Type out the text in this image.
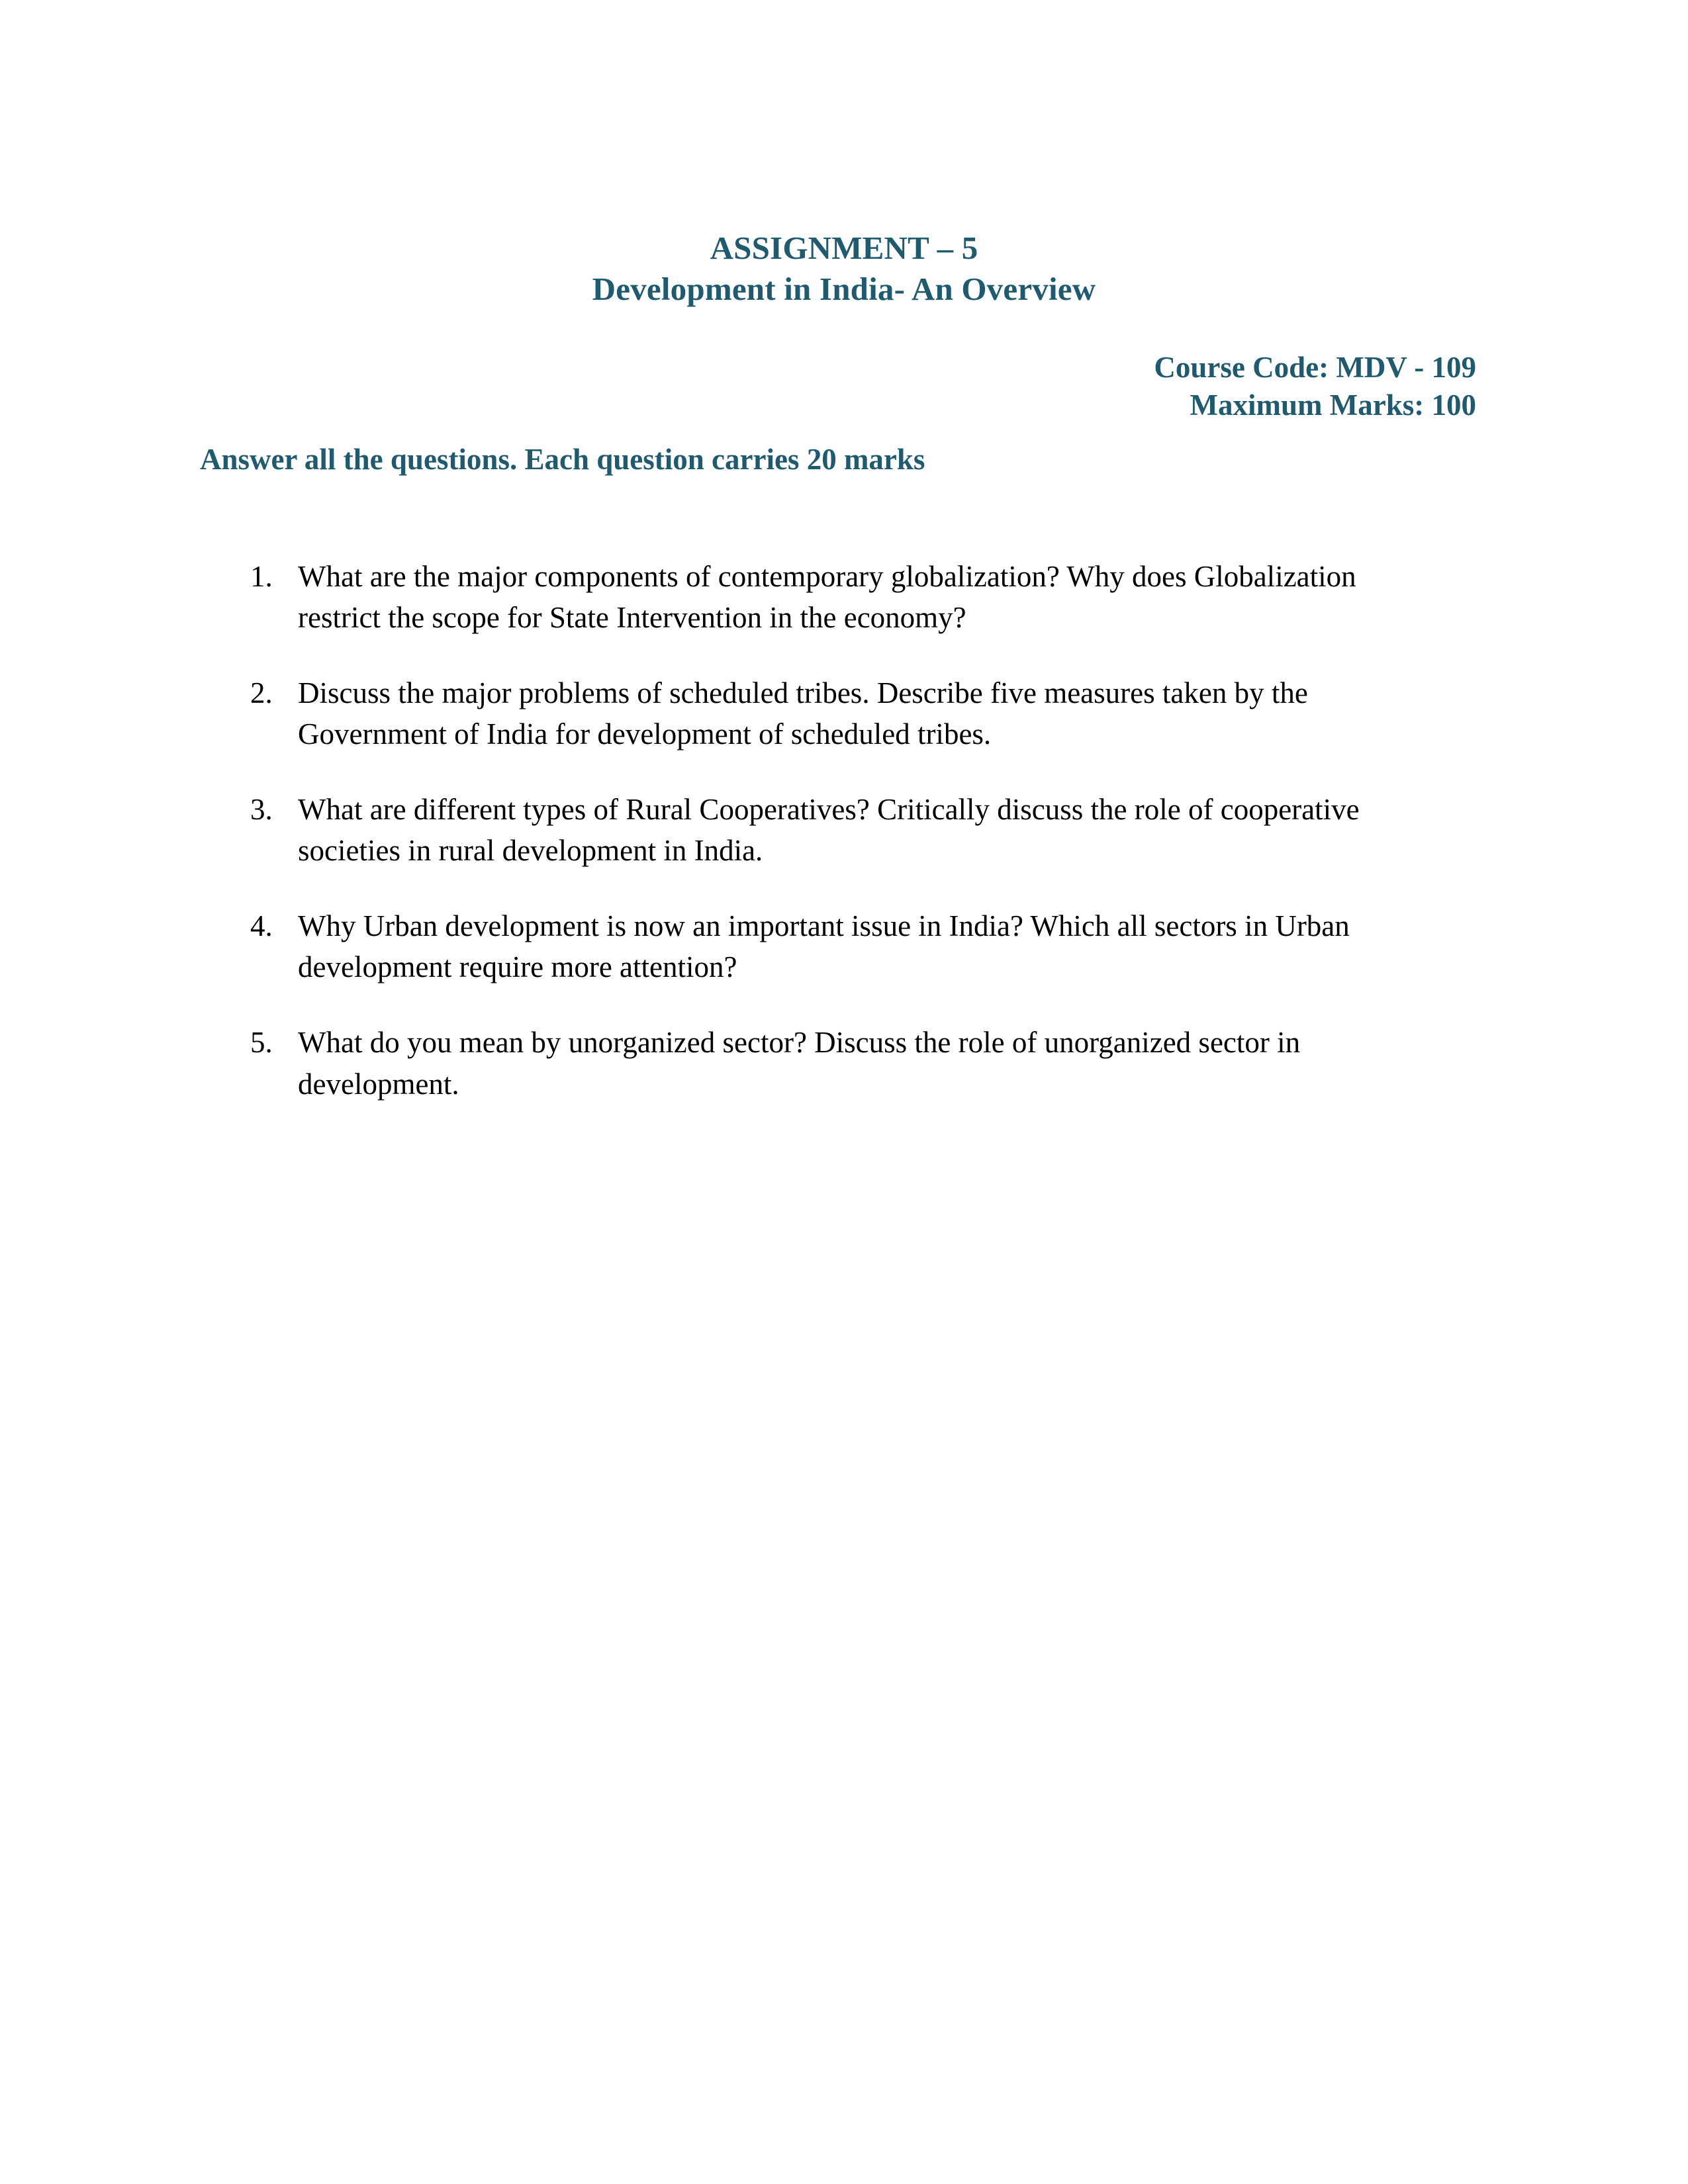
ASSIGNMENT – 5
Development in India- An Overview
Course Code: MDV - 109
Maximum Marks: 100
Answer all the questions. Each question carries 20 marks
1. What are the major components of contemporary globalization? Why does Globalization restrict the scope for State Intervention in the economy?
2. Discuss the major problems of scheduled tribes. Describe five measures taken by the Government of India for development of scheduled tribes.
3. What are different types of Rural Cooperatives? Critically discuss the role of cooperative societies in rural development in India.
4. Why Urban development is now an important issue in India? Which all sectors in Urban development require more attention?
5. What do you mean by unorganized sector? Discuss the role of unorganized sector in development.
